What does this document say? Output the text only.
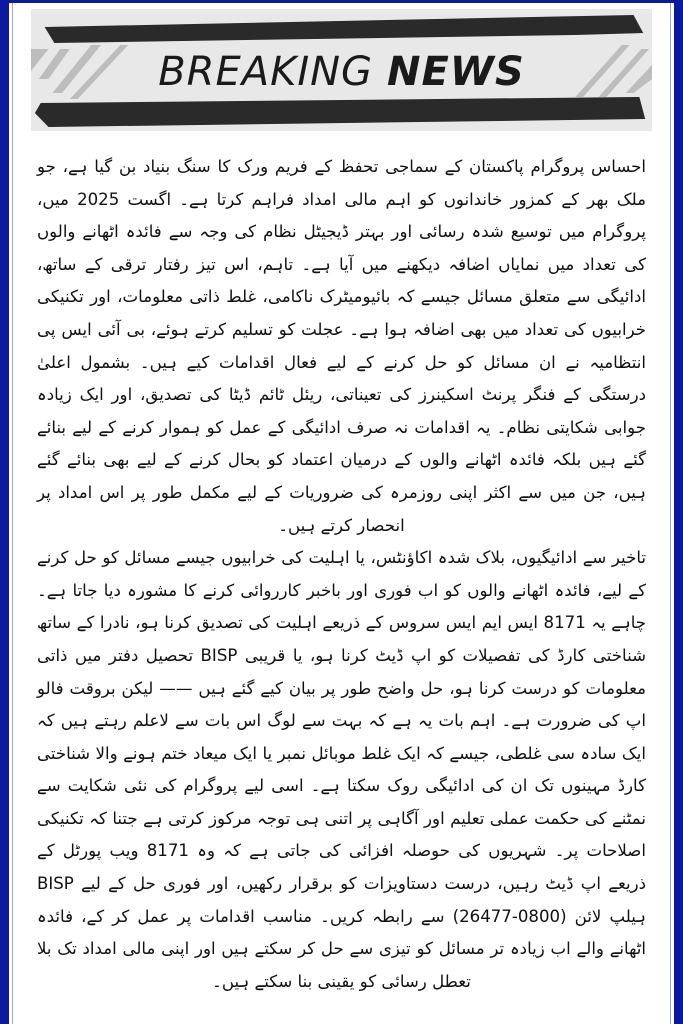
BREAKING NEWS

احساس پروگرام پاکستان کے سماجی تحفظ کے فریم ورک کا سنگ بنیاد بن گیا ہے، جو ملک بھر کے کمزور خاندانوں کو اہم مالی امداد فراہم کرتا ہے۔ اگست 2025 میں، پروگرام میں توسیع شدہ رسائی اور بہتر ڈیجیٹل نظام کی وجہ سے فائدہ اٹھانے والوں کی تعداد میں نمایاں اضافہ دیکھنے میں آیا ہے۔ تاہم، اس تیز رفتار ترقی کے ساتھ، ادائیگی سے متعلق مسائل جیسے کہ بائیومیٹرک ناکامی، غلط ذاتی معلومات، اور تکنیکی خرابیوں کی تعداد میں بھی اضافہ ہوا ہے۔ عجلت کو تسلیم کرتے ہوئے، بی آئی ایس پی انتظامیہ نے ان مسائل کو حل کرنے کے لیے فعال اقدامات کیے ہیں۔ بشمول اعلیٰ درستگی کے فنگر پرنٹ اسکینرز کی تعیناتی، ریئل ٹائم ڈیٹا کی تصدیق، اور ایک زیادہ جوابی شکایتی نظام۔ یہ اقدامات نہ صرف ادائیگی کے عمل کو ہموار کرنے کے لیے بنائے گئے ہیں بلکہ فائدہ اٹھانے والوں کے درمیان اعتماد کو بحال کرنے کے لیے بھی بنائے گئے ہیں، جن میں سے اکثر اپنی روزمرہ کی ضروریات کے لیے مکمل طور پر اس امداد پر انحصار کرتے ہیں۔

تاخیر سے ادائیگیوں، بلاک شدہ اکاؤنٹس، یا اہلیت کی خرابیوں جیسے مسائل کو حل کرنے کے لیے، فائدہ اٹھانے والوں کو اب فوری اور باخبر کارروائی کرنے کا مشورہ دیا جاتا ہے۔ چاہے یہ 8171 ایس ایم ایس سروس کے ذریعے اہلیت کی تصدیق کرنا ہو، نادرا کے ساتھ شناختی کارڈ کی تفصیلات کو اپ ڈیٹ کرنا ہو، یا قریبی BISP تحصیل دفتر میں ذاتی معلومات کو درست کرنا ہو، حل واضح طور پر بیان کیے گئے ہیں —— لیکن بروقت فالو اپ کی ضرورت ہے۔ اہم بات یہ ہے کہ بہت سے لوگ اس بات سے لاعلم رہتے ہیں کہ ایک سادہ سی غلطی، جیسے کہ ایک غلط موبائل نمبر یا ایک میعاد ختم ہونے والا شناختی کارڈ مہینوں تک ان کی ادائیگی روک سکتا ہے۔ اسی لیے پروگرام کی نئی شکایت سے نمٹنے کی حکمت عملی تعلیم اور آگاہی پر اتنی ہی توجہ مرکوز کرتی ہے جتنا کہ تکنیکی اصلاحات پر۔ شہریوں کی حوصلہ افزائی کی جاتی ہے کہ وہ 8171 ویب پورٹل کے ذریعے اپ ڈیٹ رہیں، درست دستاویزات کو برقرار رکھیں، اور فوری حل کے لیے BISP ہیلپ لائن (0800-26477) سے رابطہ کریں۔ مناسب اقدامات پر عمل کر کے، فائدہ اٹھانے والے اب زیادہ تر مسائل کو تیزی سے حل کر سکتے ہیں اور اپنی مالی امداد تک بلا تعطل رسائی کو یقینی بنا سکتے ہیں۔
